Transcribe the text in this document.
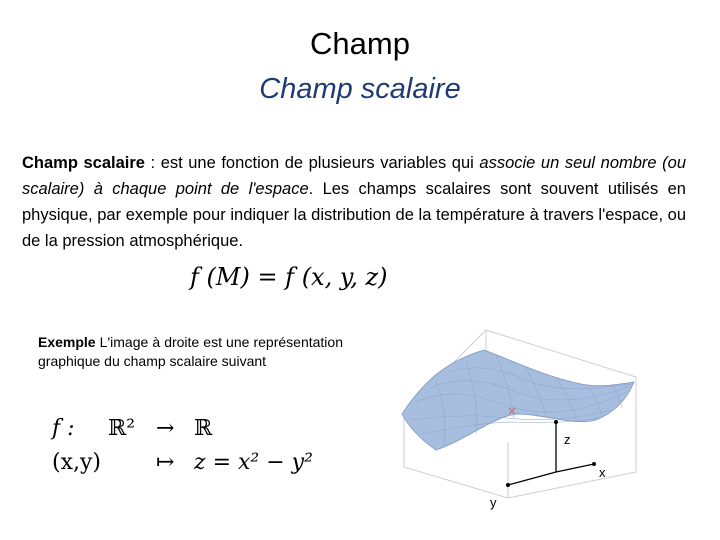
Champ
Champ scalaire
Champ scalaire : est une fonction de plusieurs variables qui associe un seul nombre (ou scalaire) à chaque point de l'espace. Les champs scalaires sont souvent utilisés en physique, par exemple pour indiquer la distribution de la température à travers l'espace, ou de la pression atmosphérique.
f (M) = f (x, y, z)
Exemple L'image à droite est une représentation graphique du champ scalaire suivant
f :	ℝ² → ℝ
(x,y)	↦ z = x² − y²
z
x
y
